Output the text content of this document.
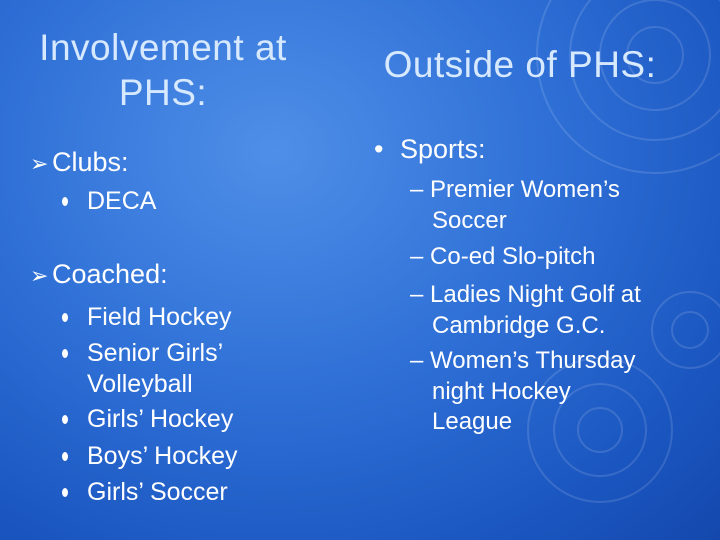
Involvement at
PHS:
➢ Clubs:
DECA
➢ Coached:
Field Hockey
Senior Girls’
Volleyball
Girls’ Hockey
Boys’ Hockey
Girls’ Soccer
Outside of PHS:
• Sports:
– Premier Women’s
Soccer
– Co-ed Slo-pitch
– Ladies Night Golf at
Cambridge G.C.
– Women’s Thursday
night Hockey
League
